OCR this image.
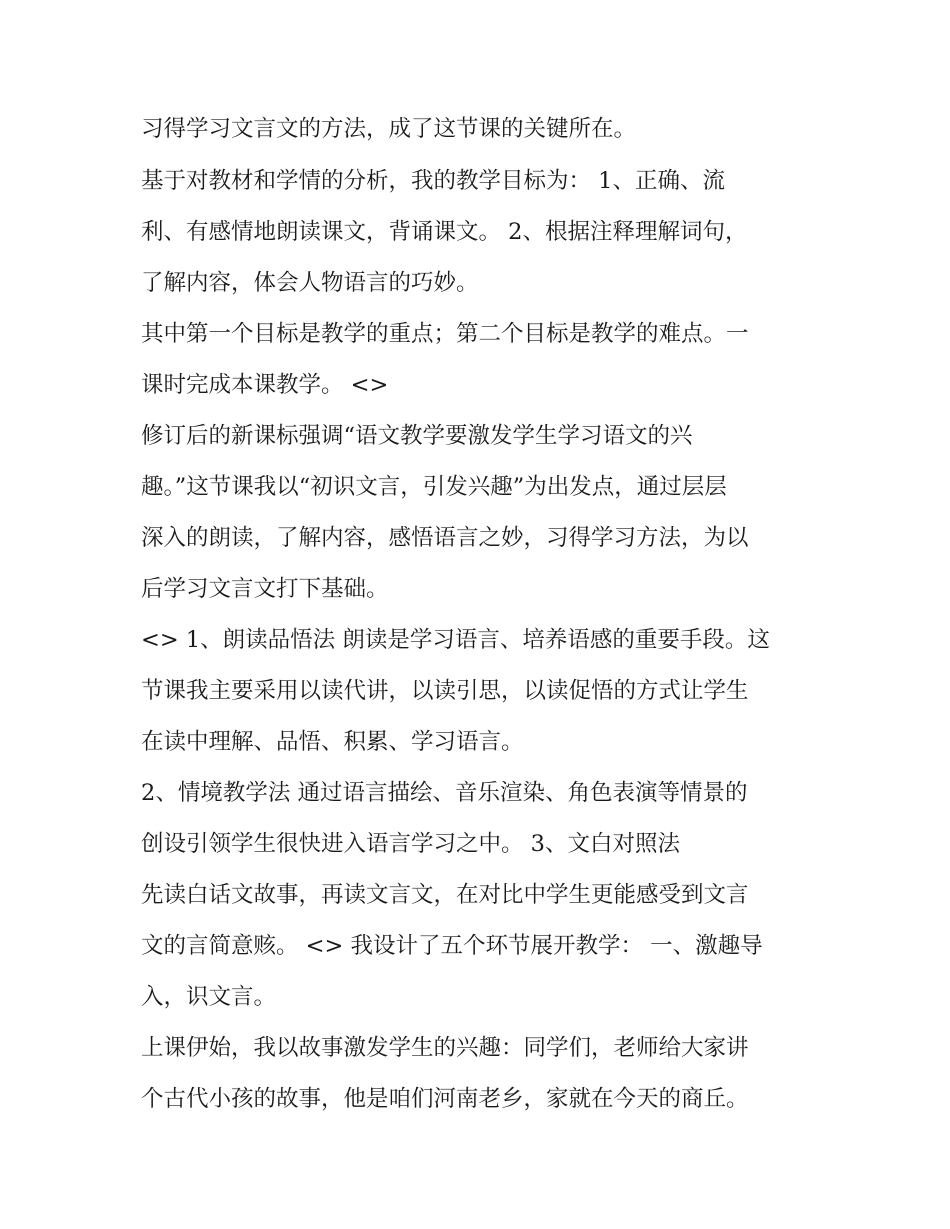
习得学习文言文的方法，成了这节课的关键所在。
基于对教材和学情的分析，我的教学目标为： 1、正确、流
利、有感情地朗读课文，背诵课文。 2、根据注释理解词句，
了解内容，体会人物语言的巧妙。
其中第一个目标是教学的重点；第二个目标是教学的难点。一
课时完成本课教学。 <>
修订后的新课标强调“语文教学要激发学生学习语文的兴
趣。”这节课我以“初识文言，引发兴趣”为出发点，通过层层
深入的朗读，了解内容，感悟语言之妙，习得学习方法，为以
后学习文言文打下基础。
<> 1、朗读品悟法 朗读是学习语言、培养语感的重要手段。这
节课我主要采用以读代讲，以读引思，以读促悟的方式让学生
在读中理解、品悟、积累、学习语言。
2、情境教学法 通过语言描绘、音乐渲染、角色表演等情景的
创设引领学生很快进入语言学习之中。 3、文白对照法
先读白话文故事，再读文言文，在对比中学生更能感受到文言
文的言简意赅。 <> 我设计了五个环节展开教学： 一、激趣导
入，识文言。
上课伊始，我以故事激发学生的兴趣：同学们，老师给大家讲
个古代小孩的故事，他是咱们河南老乡，家就在今天的商丘。
